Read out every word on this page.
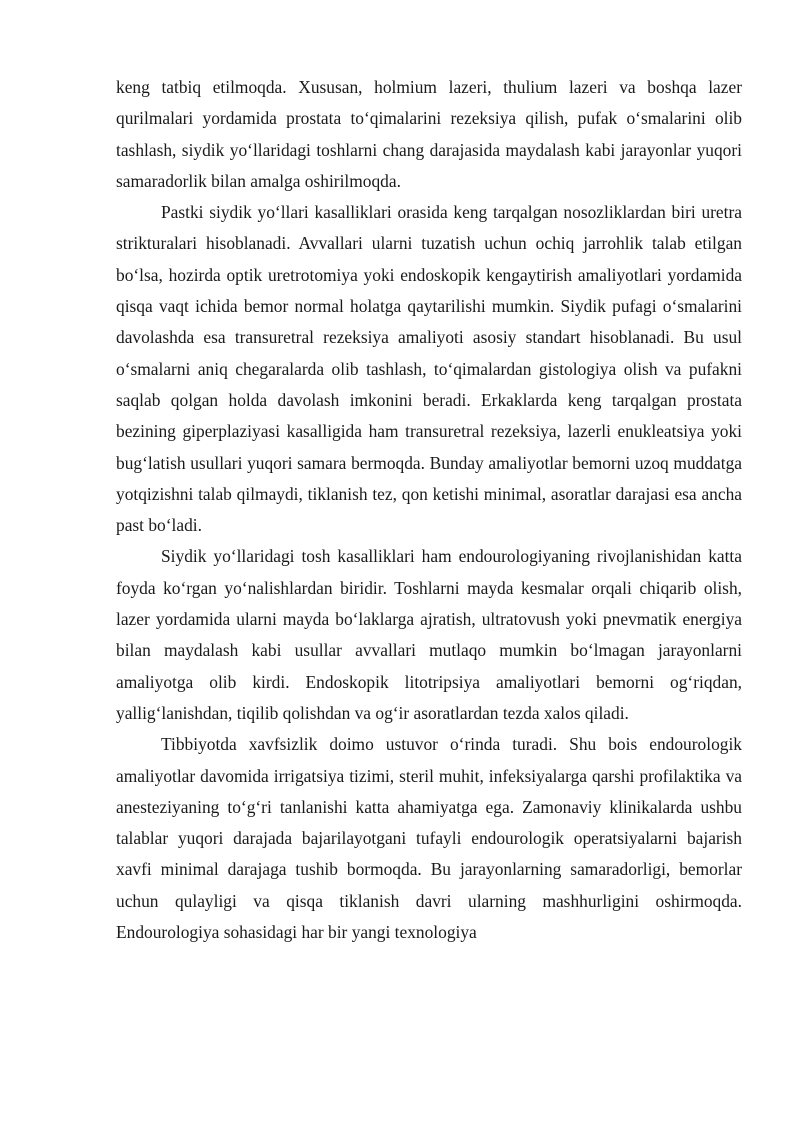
keng tatbiq etilmoqda. Xususan, holmium lazeri, thulium lazeri va boshqa lazer qurilmalari yordamida prostata to‘qimalarini rezeksiya qilish, pufak o‘smalarini olib tashlash, siydik yo‘llaridagi toshlarni chang darajasida maydalash kabi jarayonlar yuqori samaradorlik bilan amalga oshirilmoqda.

Pastki siydik yo‘llari kasalliklari orasida keng tarqalgan nosozliklardan biri uretra strikturalari hisoblanadi. Avvallari ularni tuzatish uchun ochiq jarrohlik talab etilgan bo‘lsa, hozirda optik uretrotomiya yoki endoskopik kengaytirish amaliyotlari yordamida qisqa vaqt ichida bemor normal holatga qaytarilishi mumkin. Siydik pufagi o‘smalarini davolashda esa transuretral rezeksiya amaliyoti asosiy standart hisoblanadi. Bu usul o‘smalarni aniq chegaralarda olib tashlash, to‘qimalardan gistologiya olish va pufakni saqlab qolgan holda davolash imkonini beradi. Erkaklarda keng tarqalgan prostata bezining giperplaziyasi kasalligida ham transuretral rezeksiya, lazerli enukleatsiya yoki bug‘latish usullari yuqori samara bermoqda. Bunday amaliyotlar bemorni uzoq muddatga yotqizishni talab qilmaydi, tiklanish tez, qon ketishi minimal, asoratlar darajasi esa ancha past bo‘ladi.

Siydik yo‘llaridagi tosh kasalliklari ham endourologiyaning rivojlanishidan katta foyda ko‘rgan yo‘nalishlardan biridir. Toshlarni mayda kesmalar orqali chiqarib olish, lazer yordamida ularni mayda bo‘laklarga ajratish, ultratovush yoki pnevmatik energiya bilan maydalash kabi usullar avvallari mutlaqo mumkin bo‘lmagan jarayonlarni amaliyotga olib kirdi. Endoskopik litotripsiya amaliyotlari bemorni og‘riqdan, yallig‘lanishdan, tiqilib qolishdan va og‘ir asoratlardan tezda xalos qiladi.

Tibbiyotda xavfsizlik doimo ustuvor o‘rinda turadi. Shu bois endourologik amaliyotlar davomida irrigatsiya tizimi, steril muhit, infeksiyalarga qarshi profilaktika va anesteziyaning to‘g‘ri tanlanishi katta ahamiyatga ega. Zamonaviy klinikalarda ushbu talablar yuqori darajada bajarilayotgani tufayli endourologik operatsiyalarni bajarish xavfi minimal darajaga tushib bormoqda. Bu jarayonlarning samaradorligi, bemorlar uchun qulayligi va qisqa tiklanish davri ularning mashhurligini oshirmoqda. Endourologiya sohasidagi har bir yangi texnologiya
